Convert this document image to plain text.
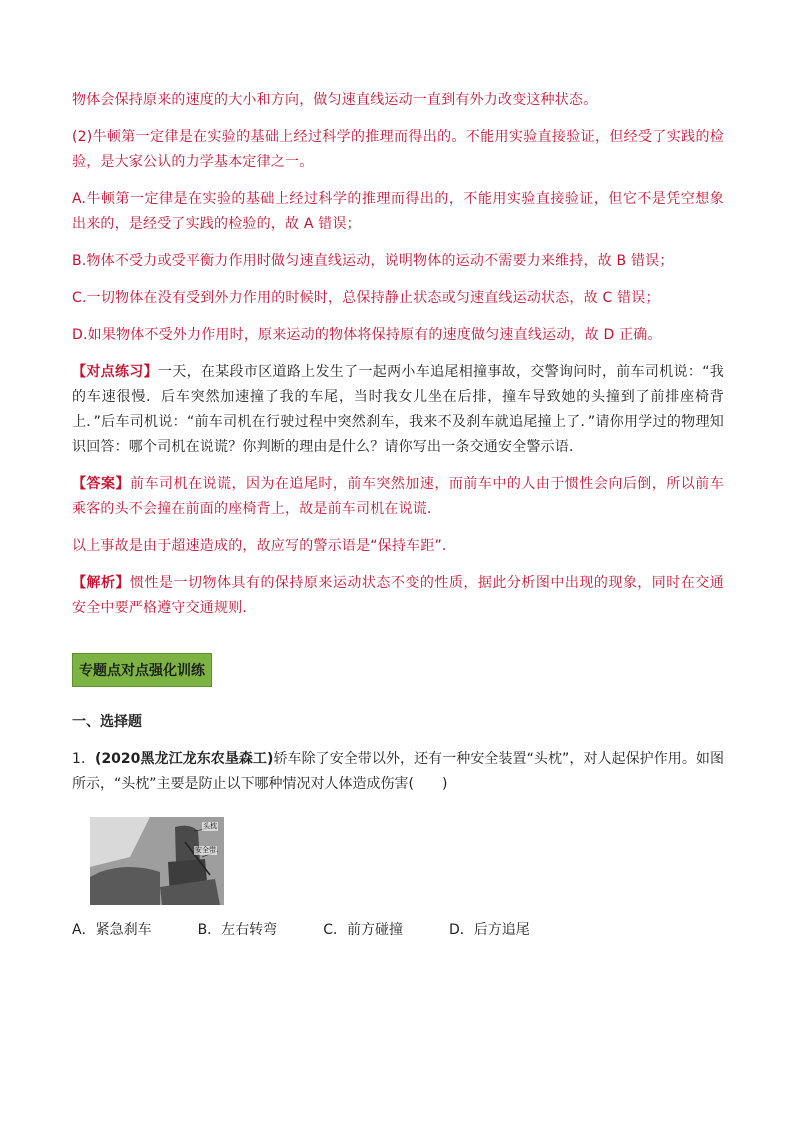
物体会保持原来的速度的大小和方向，做匀速直线运动一直到有外力改变这种状态。

(2)牛顿第一定律是在实验的基础上经过科学的推理而得出的。不能用实验直接验证，但经受了实践的检验，是大家公认的力学基本定律之一。

A.牛顿第一定律是在实验的基础上经过科学的推理而得出的，不能用实验直接验证，但它不是凭空想象出来的，是经受了实践的检验的，故 A 错误；

B.物体不受力或受平衡力作用时做匀速直线运动，说明物体的运动不需要力来维持，故 B 错误；

C.一切物体在没有受到外力作用的时候时，总保持静止状态或匀速直线运动状态，故 C 错误；

D.如果物体不受外力作用时，原来运动的物体将保持原有的速度做匀速直线运动，故 D 正确。

【对点练习】一天，在某段市区道路上发生了一起两小车追尾相撞事故，交警询问时，前车司机说：“我的车速很慢．后车突然加速撞了我的车尾，当时我女儿坐在后排，撞车导致她的头撞到了前排座椅背上．”后车司机说：“前车司机在行驶过程中突然刹车，我来不及刹车就追尾撞上了．”请你用学过的物理知识回答：哪个司机在说谎？你判断的理由是什么？请你写出一条交通安全警示语．

【答案】前车司机在说谎，因为在追尾时，前车突然加速，而前车中的人由于惯性会向后倒，所以前车乘客的头不会撞在前面的座椅背上，故是前车司机在说谎．

以上事故是由于超速造成的，故应写的警示语是“保持车距”．

【解析】惯性是一切物体具有的保持原来运动状态不变的性质，据此分析图中出现的现象，同时在交通安全中要严格遵守交通规则．

专题点对点强化训练
一、选择题
1．(2020黑龙江龙东农垦森工)轿车除了安全带以外，还有一种安全装置“头枕”，对人起保护作用。如图所示，“头枕”主要是防止以下哪种情况对人体造成伤害(　　)
头枕
安全带
A．紧急刹车	B．左右转弯	C．前方碰撞	D．后方追尾
